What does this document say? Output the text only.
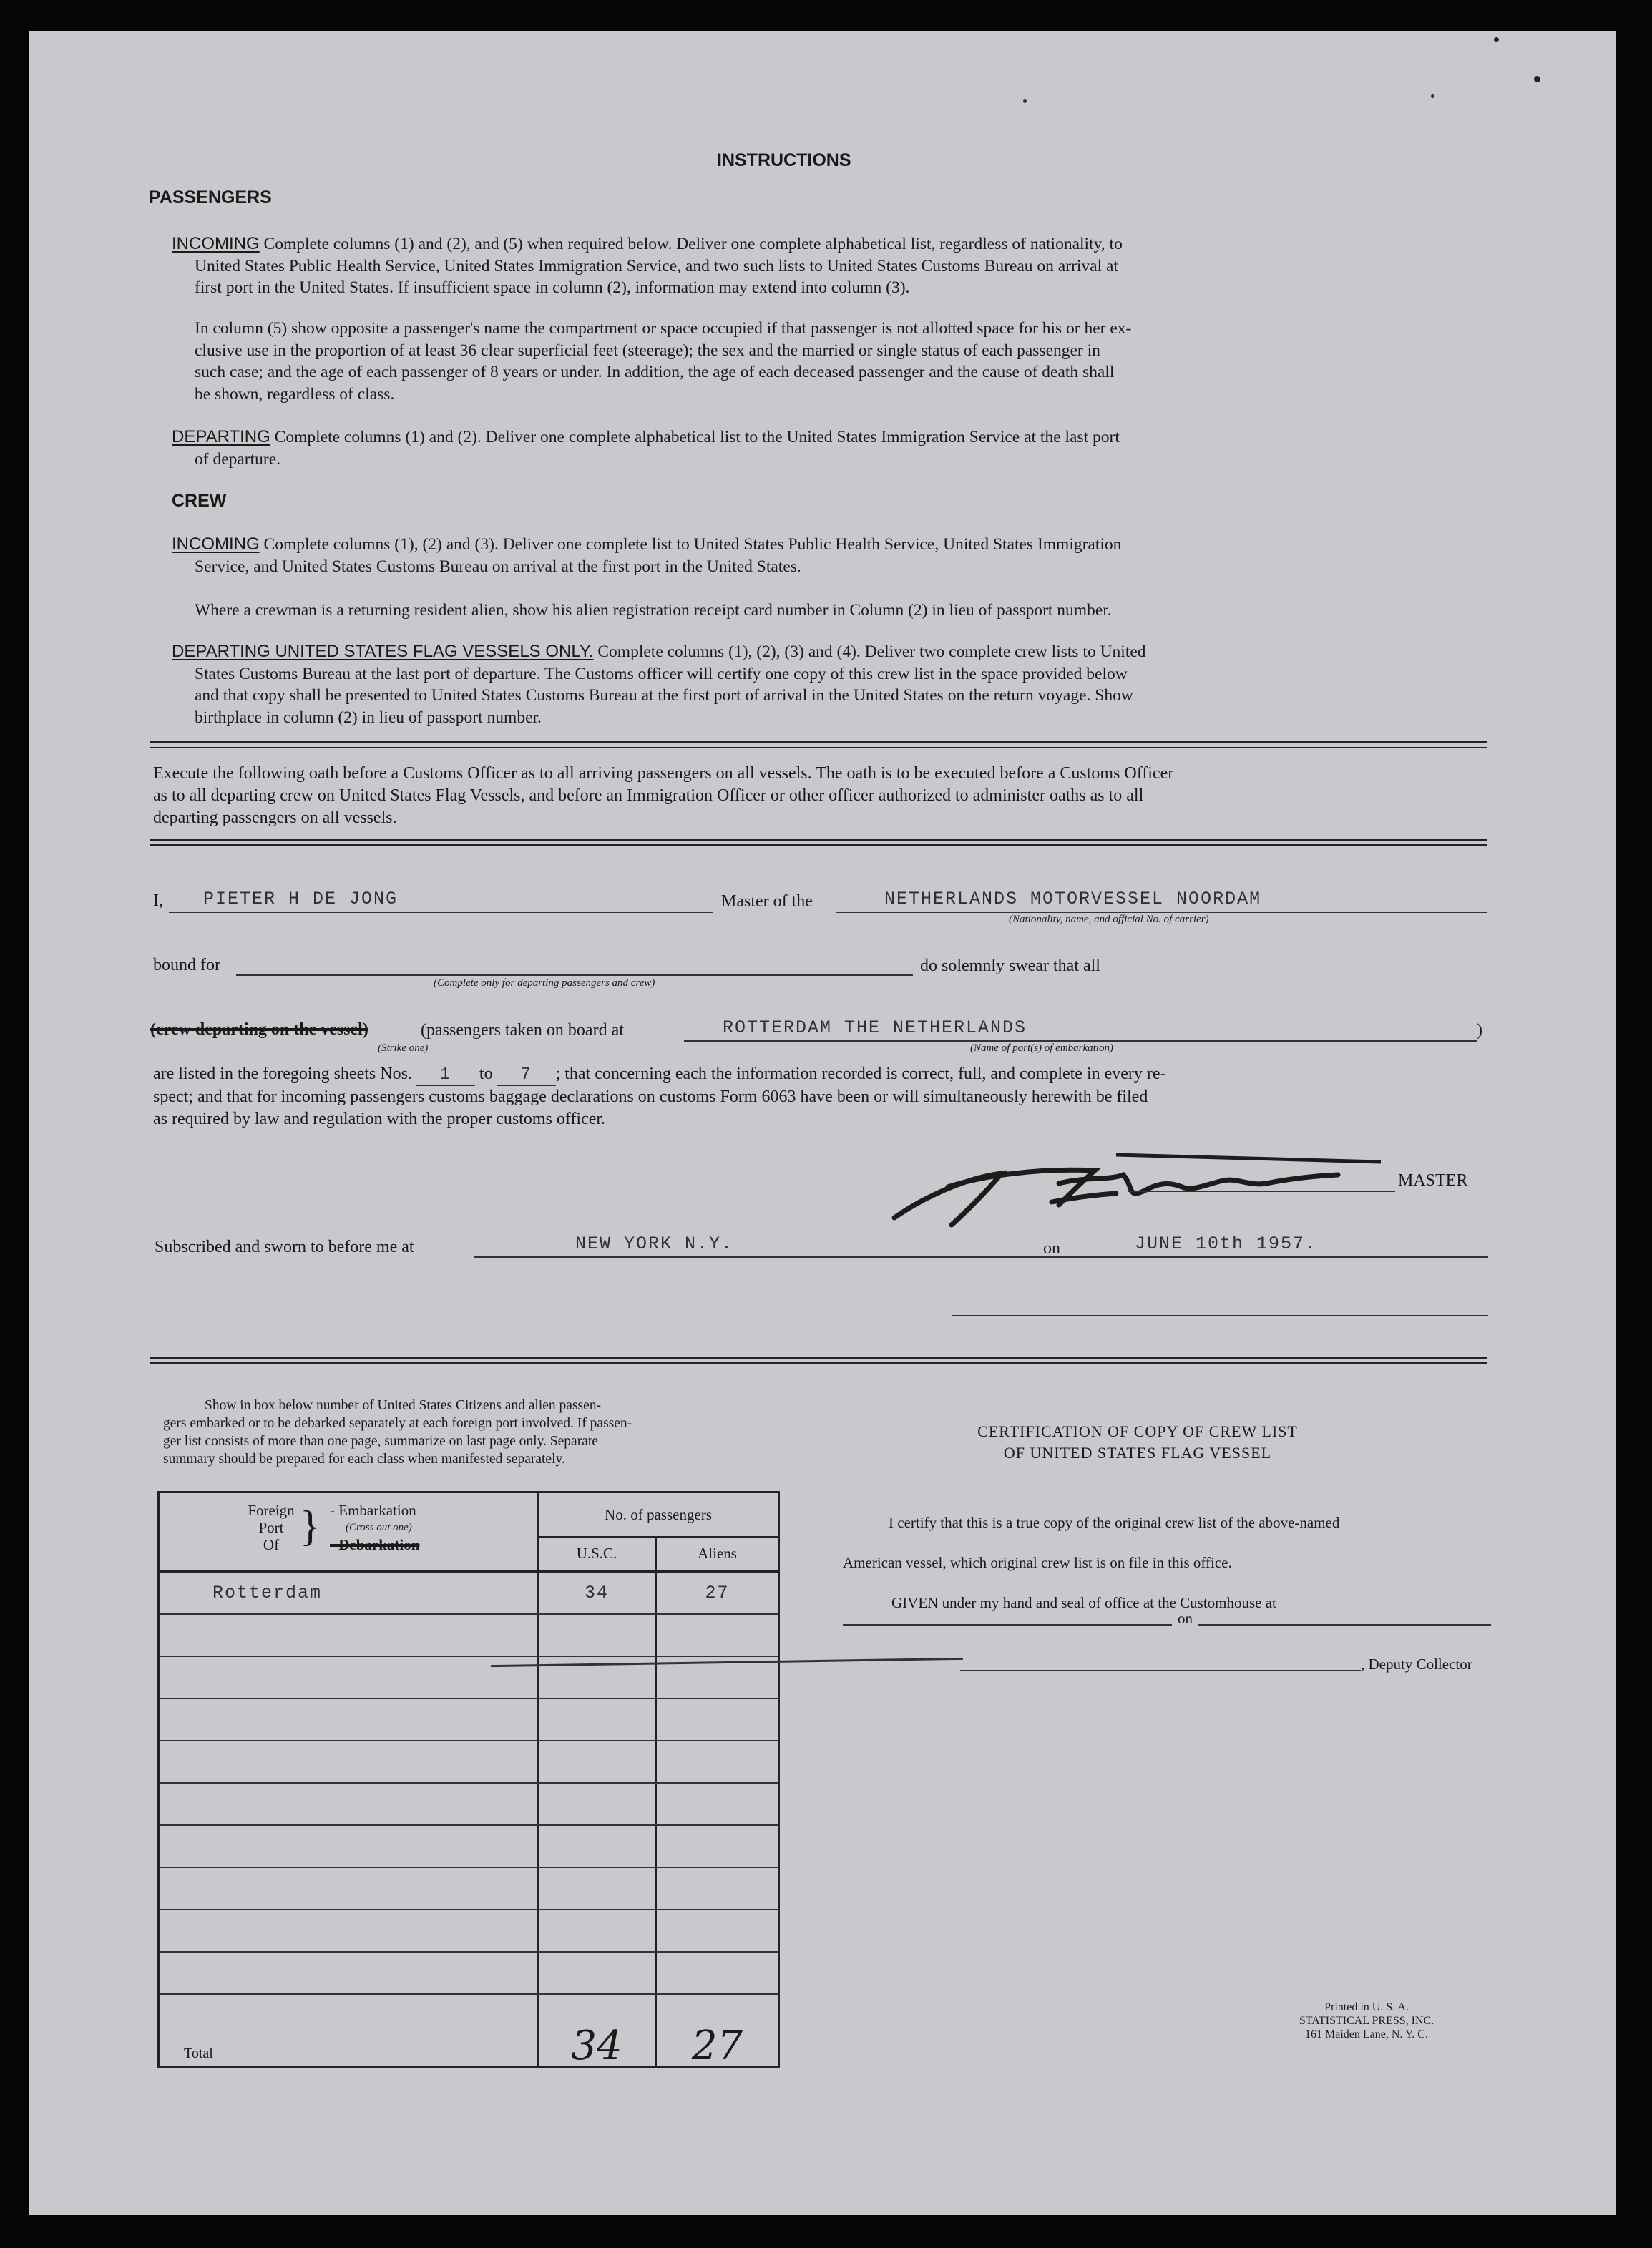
INSTRUCTIONS
PASSENGERS
INCOMING Complete columns (1) and (2), and (5) when required below. Deliver one complete alphabetical list, regardless of nationality, to
United States Public Health Service, United States Immigration Service, and two such lists to United States Customs Bureau on arrival at
first port in the United States. If insufficient space in column (2), information may extend into column (3).
In column (5) show opposite a passenger's name the compartment or space occupied if that passenger is not allotted space for his or her ex-
clusive use in the proportion of at least 36 clear superficial feet (steerage); the sex and the married or single status of each passenger in
such case; and the age of each passenger of 8 years or under. In addition, the age of each deceased passenger and the cause of death shall
be shown, regardless of class.
DEPARTING Complete columns (1) and (2). Deliver one complete alphabetical list to the United States Immigration Service at the last port
of departure.
CREW
INCOMING Complete columns (1), (2) and (3). Deliver one complete list to United States Public Health Service, United States Immigration
Service, and United States Customs Bureau on arrival at the first port in the United States.
Where a crewman is a returning resident alien, show his alien registration receipt card number in Column (2) in lieu of passport number.
DEPARTING UNITED STATES FLAG VESSELS ONLY. Complete columns (1), (2), (3) and (4). Deliver two complete crew lists to United
States Customs Bureau at the last port of departure. The Customs officer will certify one copy of this crew list in the space provided below
and that copy shall be presented to United States Customs Bureau at the first port of arrival in the United States on the return voyage. Show
birthplace in column (2) in lieu of passport number.
Execute the following oath before a Customs Officer as to all arriving passengers on all vessels. The oath is to be executed before a Customs Officer
as to all departing crew on United States Flag Vessels, and before an Immigration Officer or other officer authorized to administer oaths as to all
departing passengers on all vessels.
I, PIETER H DE JONG	Master of the	NETHERLANDS MOTORVESSEL NOORDAM
(Nationality, name, and official No. of carrier)
bound for
(Complete only for departing passengers and crew)
do solemnly swear that all
(crew departing on the vessel)
(Strike one)
(passengers taken on board at	ROTTERDAM THE NETHERLANDS
(Name of port(s) of embarkation)
)
are listed in the foregoing sheets Nos. 1 to 7 ; that concerning each the information recorded is correct, full, and complete in every re-
spect; and that for incoming passengers customs baggage declarations on customs Form 6063 have been or will simultaneously herewith be filed
as required by law and regulation with the proper customs officer.
MASTER
Subscribed and sworn to before me at	NEW YORK N.Y.	on	JUNE 10th 1957.
Show in box below number of United States Citizens and alien passen-
gers embarked or to be debarked separately at each foreign port involved. If passen-
ger list consists of more than one page, summarize on last page only. Separate
summary should be prepared for each class when manifested separately.
Foreign
Port
Of } - Embarkation
(Cross out one)
- Debarkation
No. of passengers
U.S.C.	Aliens
Rotterdam	34	27
Total	34	27
CERTIFICATION OF COPY OF CREW LIST
OF UNITED STATES FLAG VESSEL
I certify that this is a true copy of the original crew list of the above-named
American vessel, which original crew list is on file in this office.
GIVEN under my hand and seal of office at the Customhouse at
on
, Deputy Collector
Printed in U. S. A.
STATISTICAL PRESS, INC.
161 Maiden Lane, N. Y. C.
